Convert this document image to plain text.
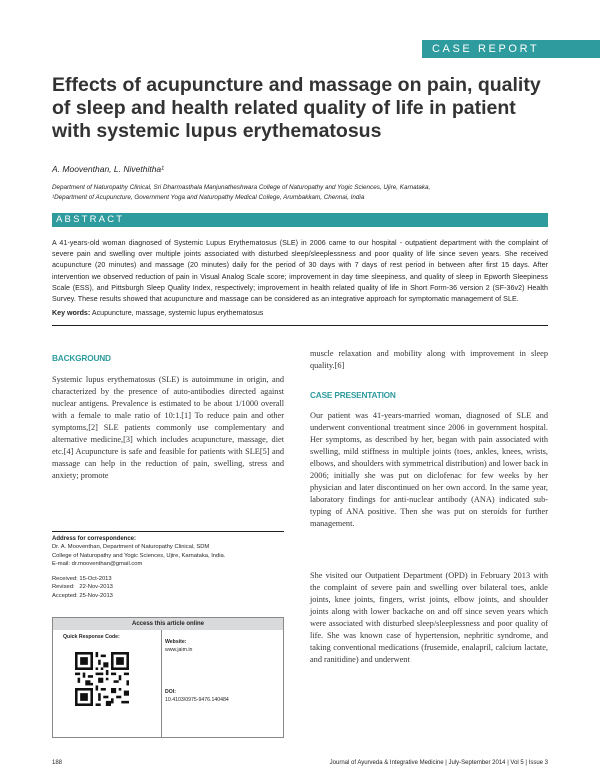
CASE REPORT
Effects of acupuncture and massage on pain, quality of sleep and health related quality of life in patient with systemic lupus erythematosus
A. Mooventhan, L. Nivethitha¹
Department of Naturopathy Clinical, Sri Dharmasthala Manjunatheshwara College of Naturopathy and Yogic Sciences, Ujire, Karnataka,
¹Department of Acupuncture, Government Yoga and Naturopathy Medical College, Arumbakkam, Chennai, India
ABSTRACT
A 41-years-old woman diagnosed of Systemic Lupus Erythematosus (SLE) in 2006 came to our hospital - outpatient department with the complaint of severe pain and swelling over multiple joints associated with disturbed sleep/sleeplessness and poor quality of life since seven years. She received acupuncture (20 minutes) and massage (20 minutes) daily for the period of 30 days with 7 days of rest period in between after first 15 days. After intervention we observed reduction of pain in Visual Analog Scale score; improvement in day time sleepiness, and quality of sleep in Epworth Sleepiness Scale (ESS), and Pittsburgh Sleep Quality Index, respectively; improvement in health related quality of life in Short Form-36 version 2 (SF-36v2) Health Survey. These results showed that acupuncture and massage can be considered as an integrative approach for symptomatic management of SLE.
Key words: Acupuncture, massage, systemic lupus erythematosus
BACKGROUND
Systemic lupus erythematosus (SLE) is autoimmune in origin, and characterized by the presence of auto-antibodies directed against nuclear antigens. Prevalence is estimated to be about 1/1000 overall with a female to male ratio of 10:1.[1] To reduce pain and other symptoms,[2] SLE patients commonly use complementary and alternative medicine,[3] which includes acupuncture, massage, diet etc.[4] Acupuncture is safe and feasible for patients with SLE[5] and massage can help in the reduction of pain, swelling, stress and anxiety; promote
Address for correspondence:
Dr. A. Mooventhan, Department of Naturopathy Clinical, SDM
College of Naturopathy and Yogic Sciences, Ujire, Karnataka, India.
E-mail: dr.mooventhan@gmail.com
Received: 15-Oct-2013
Revised:   22-Nov-2013
Accepted: 25-Nov-2013
Access this article online
Quick Response Code:
Website:
www.jaim.in
DOI:
10.4103/0975-9476.140484
muscle relaxation and mobility along with improvement in sleep quality.[6]
CASE PRESENTATION
Our patient was 41-years-married woman, diagnosed of SLE and underwent conventional treatment since 2006 in government hospital. Her symptoms, as described by her, began with pain associated with swelling, mild stiffness in multiple joints (toes, ankles, knees, wrists, elbows, and shoulders with symmetrical distribution) and lower back in 2006; initially she was put on diclofenac for few weeks by her physician and later discontinued on her own accord. In the same year, laboratory findings for anti-nuclear antibody (ANA) indicated sub-typing of ANA positive. Then she was put on steroids for further management.
She visited our Outpatient Department (OPD) in February 2013 with the complaint of severe pain and swelling over bilateral toes, ankle joints, knee joints, fingers, wrist joints, elbow joints, and shoulder joints along with lower backache on and off since seven years which were associated with disturbed sleep/sleeplessness and poor quality of life. She was known case of hypertension, nephritic syndrome, and taking conventional medications (frusemide, enalapril, calcium lactate, and ranitidine) and underwent
188	Journal of Ayurveda & Integrative Medicine | July-September 2014 | Vol 5 | Issue 3
